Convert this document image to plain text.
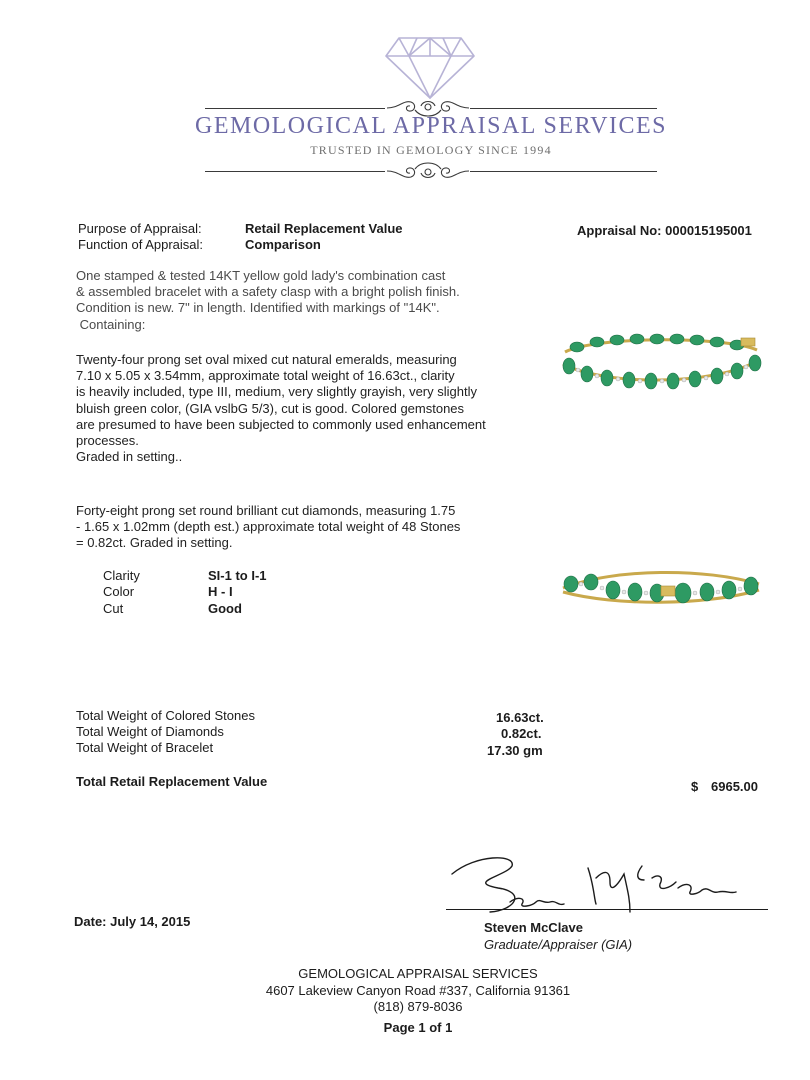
GEMOLOGICAL APPRAISAL SERVICES
TRUSTED IN GEMOLOGY SINCE 1994
Purpose of Appraisal:	Retail Replacement Value
Function of Appraisal:	Comparison
Appraisal No: 000015195001
One stamped & tested 14KT yellow gold lady's combination cast
& assembled bracelet with a safety clasp with a bright polish finish.
Condition is new. 7" in length. Identified with markings of "14K".
Containing:
Twenty-four prong set oval mixed cut natural emeralds, measuring
7.10 x 5.05 x 3.54mm, approximate total weight of 16.63ct., clarity
is heavily included, type III, medium, very slightly grayish, very slightly
bluish green color, (GIA vslbG 5/3), cut is good. Colored gemstones
are presumed to have been subjected to commonly used enhancement
processes.
Graded in setting..
Forty-eight prong set round brilliant cut diamonds, measuring 1.75
- 1.65 x 1.02mm (depth est.) approximate total weight of 48 Stones
= 0.82ct. Graded in setting.
Clarity	SI-1 to I-1
Color	H - I
Cut	Good
Total Weight of Colored Stones	16.63ct.
Total Weight of Diamonds	0.82ct.
Total Weight of Bracelet	17.30 gm
Total Retail Replacement Value	$ 6965.00
Date: July 14, 2015	Steven McClave
Graduate/Appraiser (GIA)
GEMOLOGICAL APPRAISAL SERVICES
4607 Lakeview Canyon Road #337, California 91361
(818) 879-8036
Page 1 of 1
